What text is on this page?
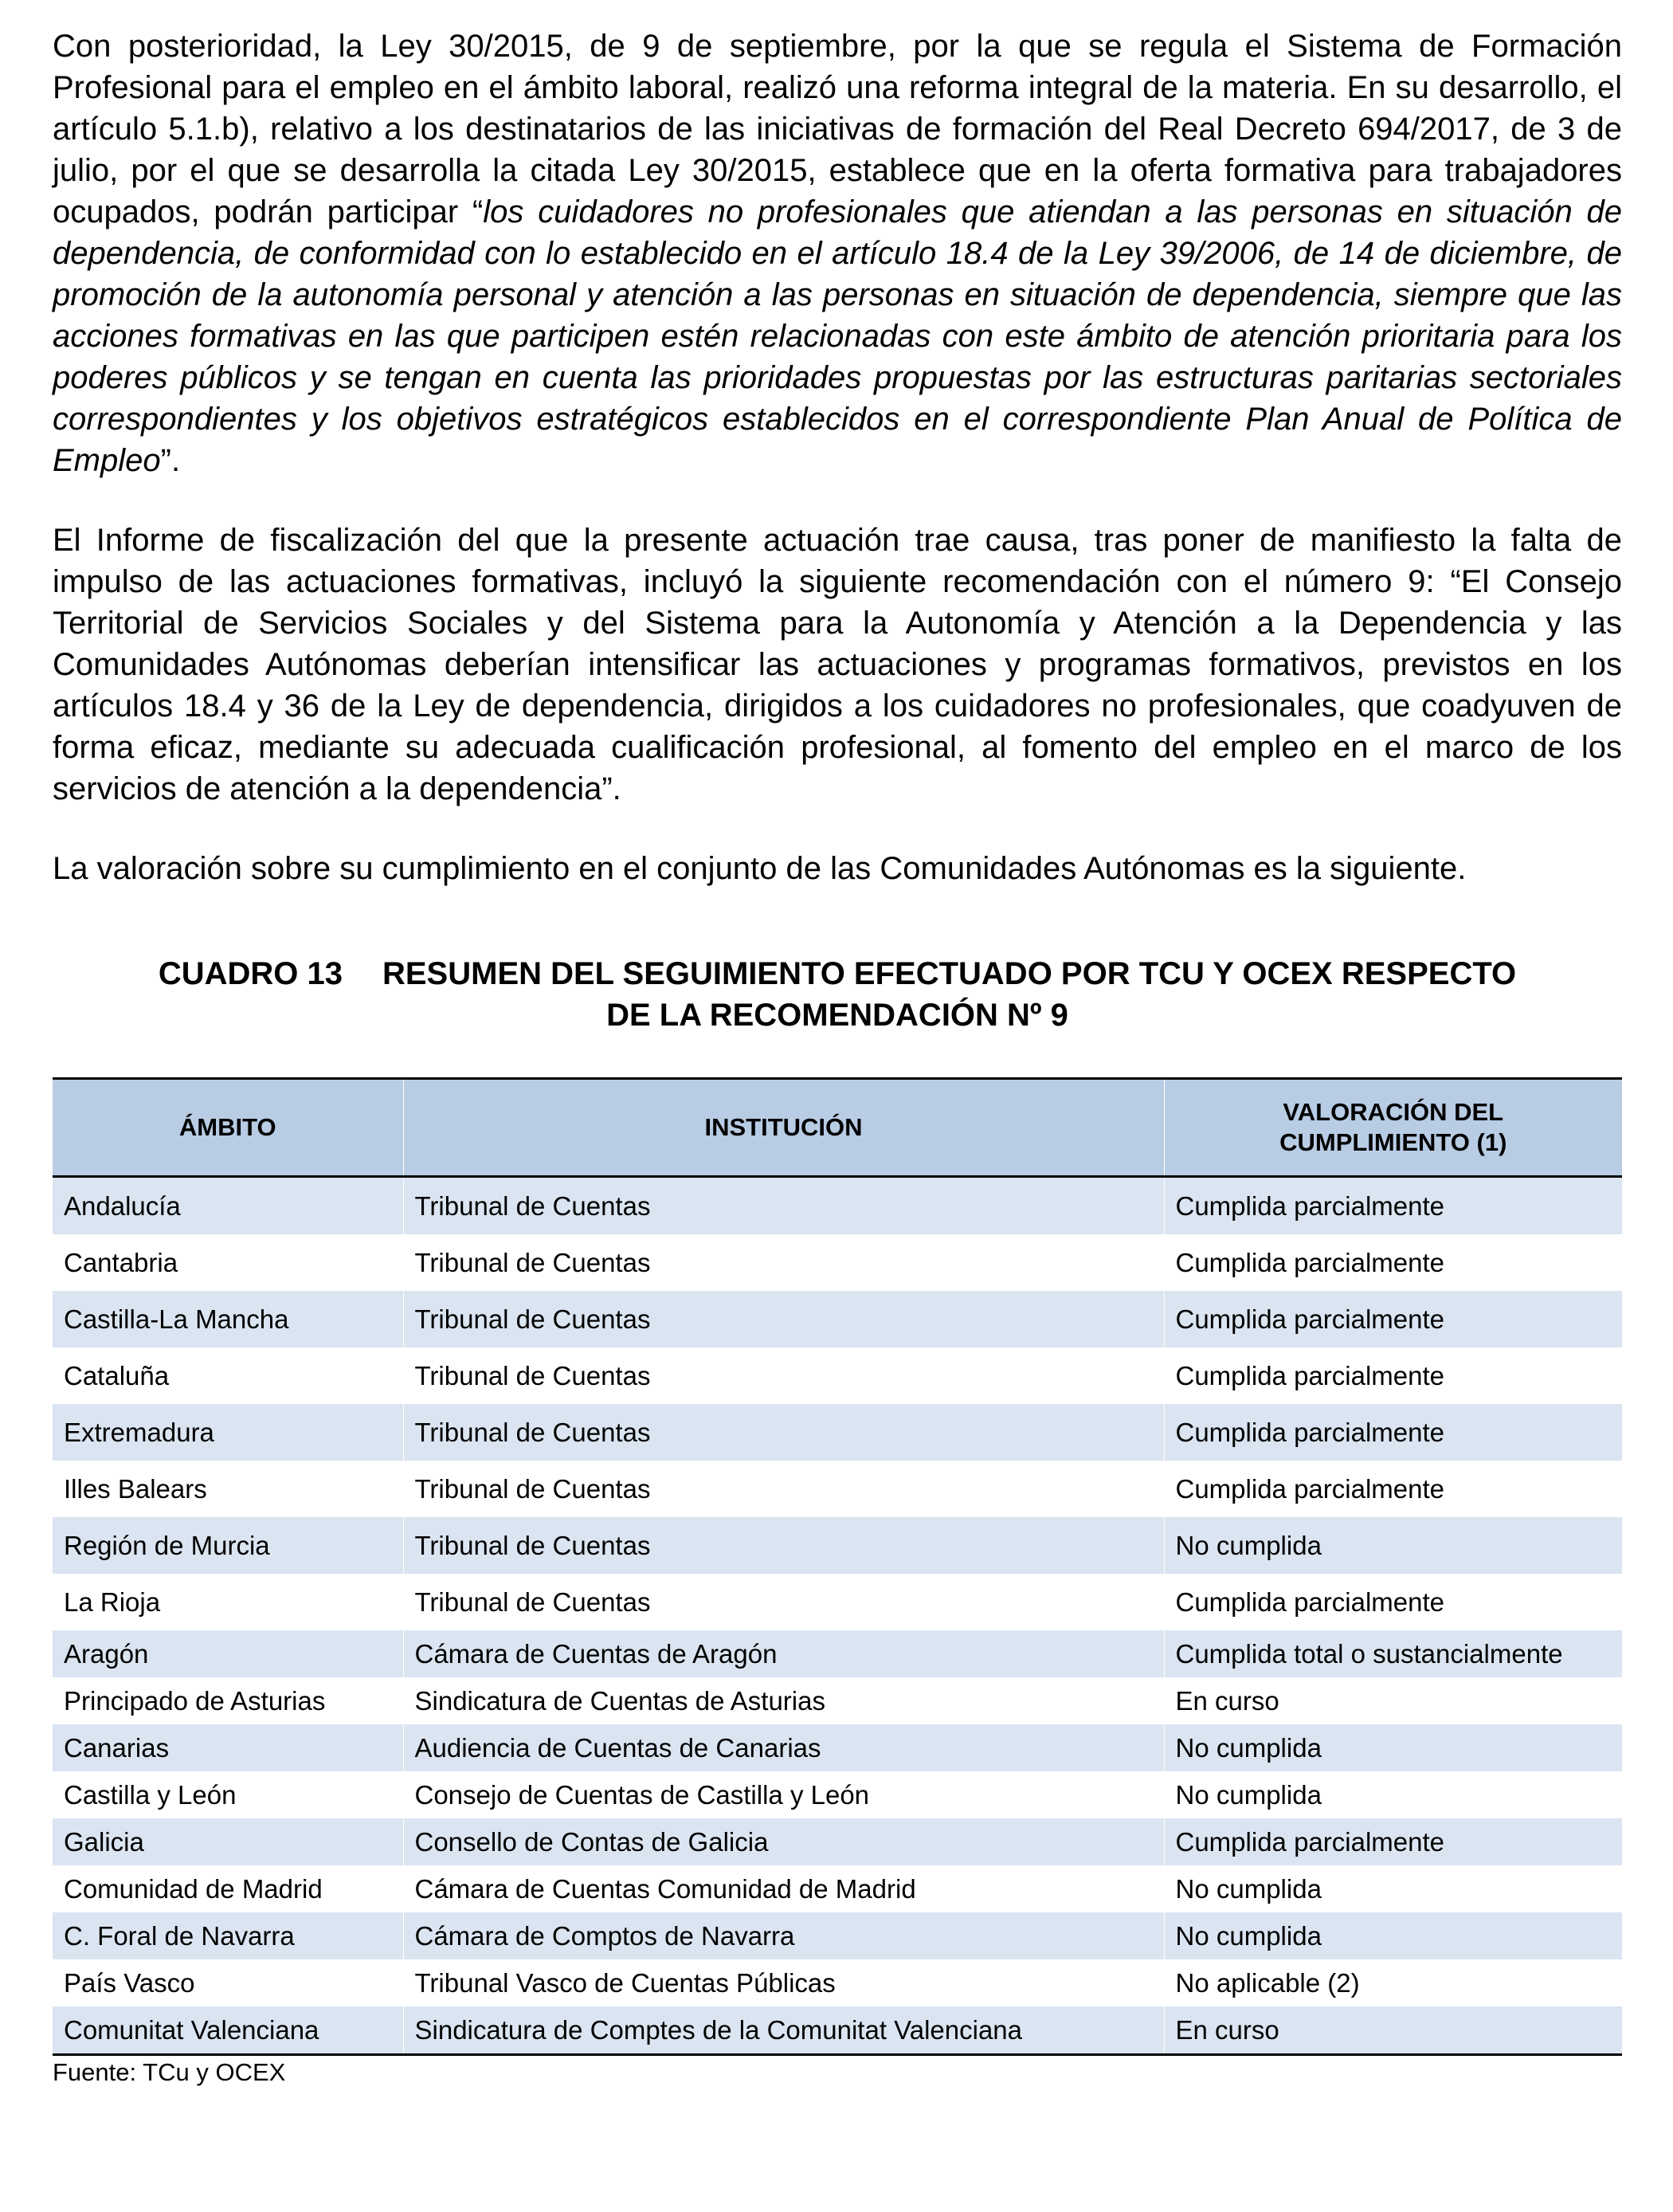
Con posterioridad, la Ley 30/2015, de 9 de septiembre, por la que se regula el Sistema de Formación Profesional para el empleo en el ámbito laboral, realizó una reforma integral de la materia. En su desarrollo, el artículo 5.1.b), relativo a los destinatarios de las iniciativas de formación del Real Decreto 694/2017, de 3 de julio, por el que se desarrolla la citada Ley 30/2015, establece que en la oferta formativa para trabajadores ocupados, podrán participar “los cuidadores no profesionales que atiendan a las personas en situación de dependencia, de conformidad con lo establecido en el artículo 18.4 de la Ley 39/2006, de 14 de diciembre, de promoción de la autonomía personal y atención a las personas en situación de dependencia, siempre que las acciones formativas en las que participen estén relacionadas con este ámbito de atención prioritaria para los poderes públicos y se tengan en cuenta las prioridades propuestas por las estructuras paritarias sectoriales correspondientes y los objetivos estratégicos establecidos en el correspondiente Plan Anual de Política de Empleo”.

El Informe de fiscalización del que la presente actuación trae causa, tras poner de manifiesto la falta de impulso de las actuaciones formativas, incluyó la siguiente recomendación con el número 9: “El Consejo Territorial de Servicios Sociales y del Sistema para la Autonomía y Atención a la Dependencia y las Comunidades Autónomas deberían intensificar las actuaciones y programas formativos, previstos en los artículos 18.4 y 36 de la Ley de dependencia, dirigidos a los cuidadores no profesionales, que coadyuven de forma eficaz, mediante su adecuada cualificación profesional, al fomento del empleo en el marco de los servicios de atención a la dependencia”.

La valoración sobre su cumplimiento en el conjunto de las Comunidades Autónomas es la siguiente.

CUADRO 13 RESUMEN DEL SEGUIMIENTO EFECTUADO POR TCU Y OCEX RESPECTO
DE LA RECOMENDACIÓN Nº 9
ÁMBITO	INSTITUCIÓN	VALORACIÓN DEL
CUMPLIMIENTO (1)
Andalucía	Tribunal de Cuentas	Cumplida parcialmente
Cantabria	Tribunal de Cuentas	Cumplida parcialmente
Castilla-La Mancha	Tribunal de Cuentas	Cumplida parcialmente
Cataluña	Tribunal de Cuentas	Cumplida parcialmente
Extremadura	Tribunal de Cuentas	Cumplida parcialmente
Illes Balears	Tribunal de Cuentas	Cumplida parcialmente
Región de Murcia	Tribunal de Cuentas	No cumplida
La Rioja	Tribunal de Cuentas	Cumplida parcialmente
Aragón	Cámara de Cuentas de Aragón	Cumplida total o sustancialmente
Principado de Asturias	Sindicatura de Cuentas de Asturias	En curso
Canarias	Audiencia de Cuentas de Canarias	No cumplida
Castilla y León	Consejo de Cuentas de Castilla y León	No cumplida
Galicia	Consello de Contas de Galicia	Cumplida parcialmente
Comunidad de Madrid	Cámara de Cuentas Comunidad de Madrid	No cumplida
C. Foral de Navarra	Cámara de Comptos de Navarra	No cumplida
País Vasco	Tribunal Vasco de Cuentas Públicas	No aplicable (2)
Comunitat Valenciana	Sindicatura de Comptes de la Comunitat Valenciana	En curso
Fuente: TCu y OCEX
